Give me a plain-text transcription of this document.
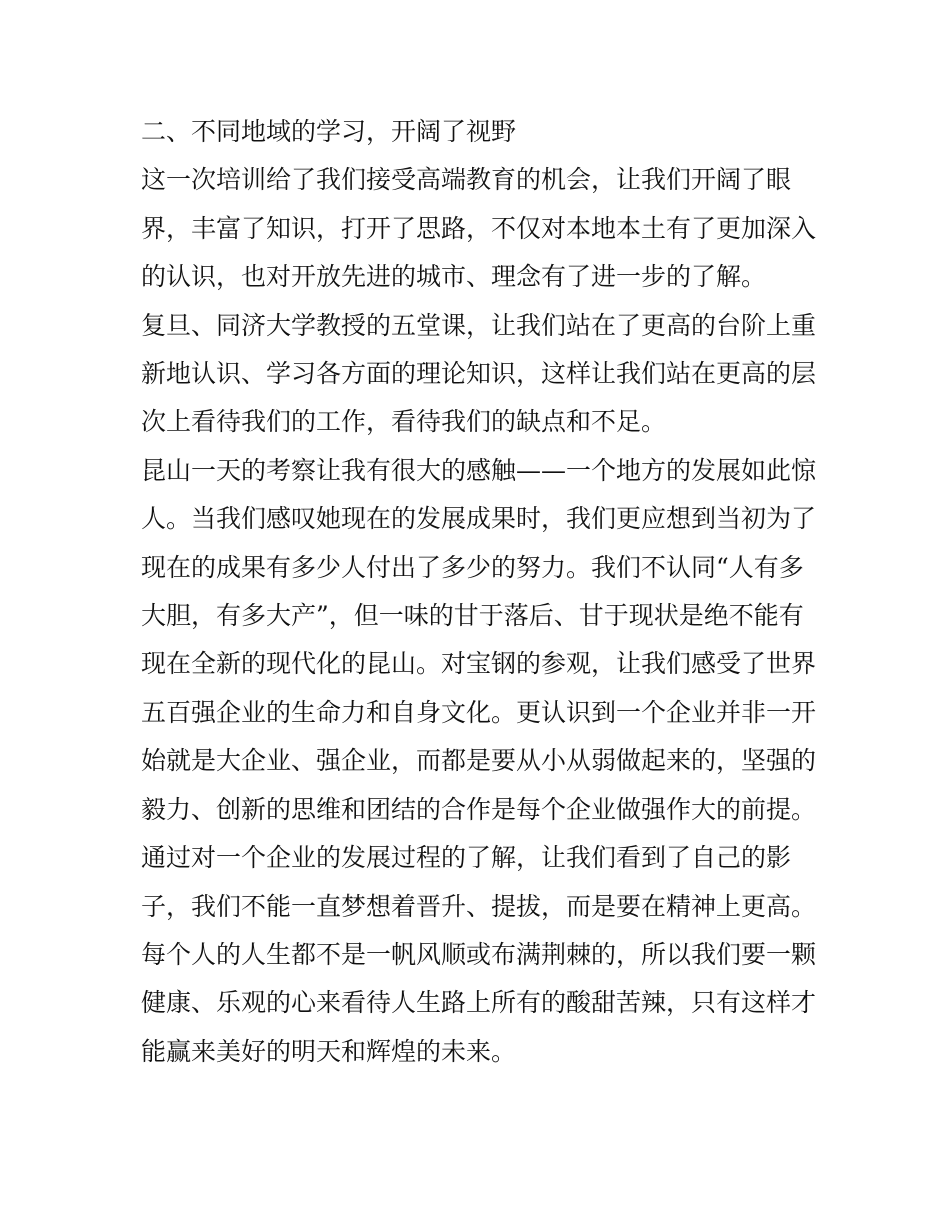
二、不同地域的学习，开阔了视野
这一次培训给了我们接受高端教育的机会，让我们开阔了眼
界，丰富了知识，打开了思路，不仅对本地本土有了更加深入
的认识，也对开放先进的城市、理念有了进一步的了解。
复旦、同济大学教授的五堂课，让我们站在了更高的台阶上重
新地认识、学习各方面的理论知识，这样让我们站在更高的层
次上看待我们的工作，看待我们的缺点和不足。
昆山一天的考察让我有很大的感触——一个地方的发展如此惊
人。当我们感叹她现在的发展成果时，我们更应想到当初为了
现在的成果有多少人付出了多少的努力。我们不认同“人有多
大胆，有多大产”，但一味的甘于落后、甘于现状是绝不能有
现在全新的现代化的昆山。对宝钢的参观，让我们感受了世界
五百强企业的生命力和自身文化。更认识到一个企业并非一开
始就是大企业、强企业，而都是要从小从弱做起来的，坚强的
毅力、创新的思维和团结的合作是每个企业做强作大的前提。
通过对一个企业的发展过程的了解，让我们看到了自己的影
子，我们不能一直梦想着晋升、提拔，而是要在精神上更高。
每个人的人生都不是一帆风顺或布满荆棘的，所以我们要一颗
健康、乐观的心来看待人生路上所有的酸甜苦辣，只有这样才
能赢来美好的明天和辉煌的未来。
